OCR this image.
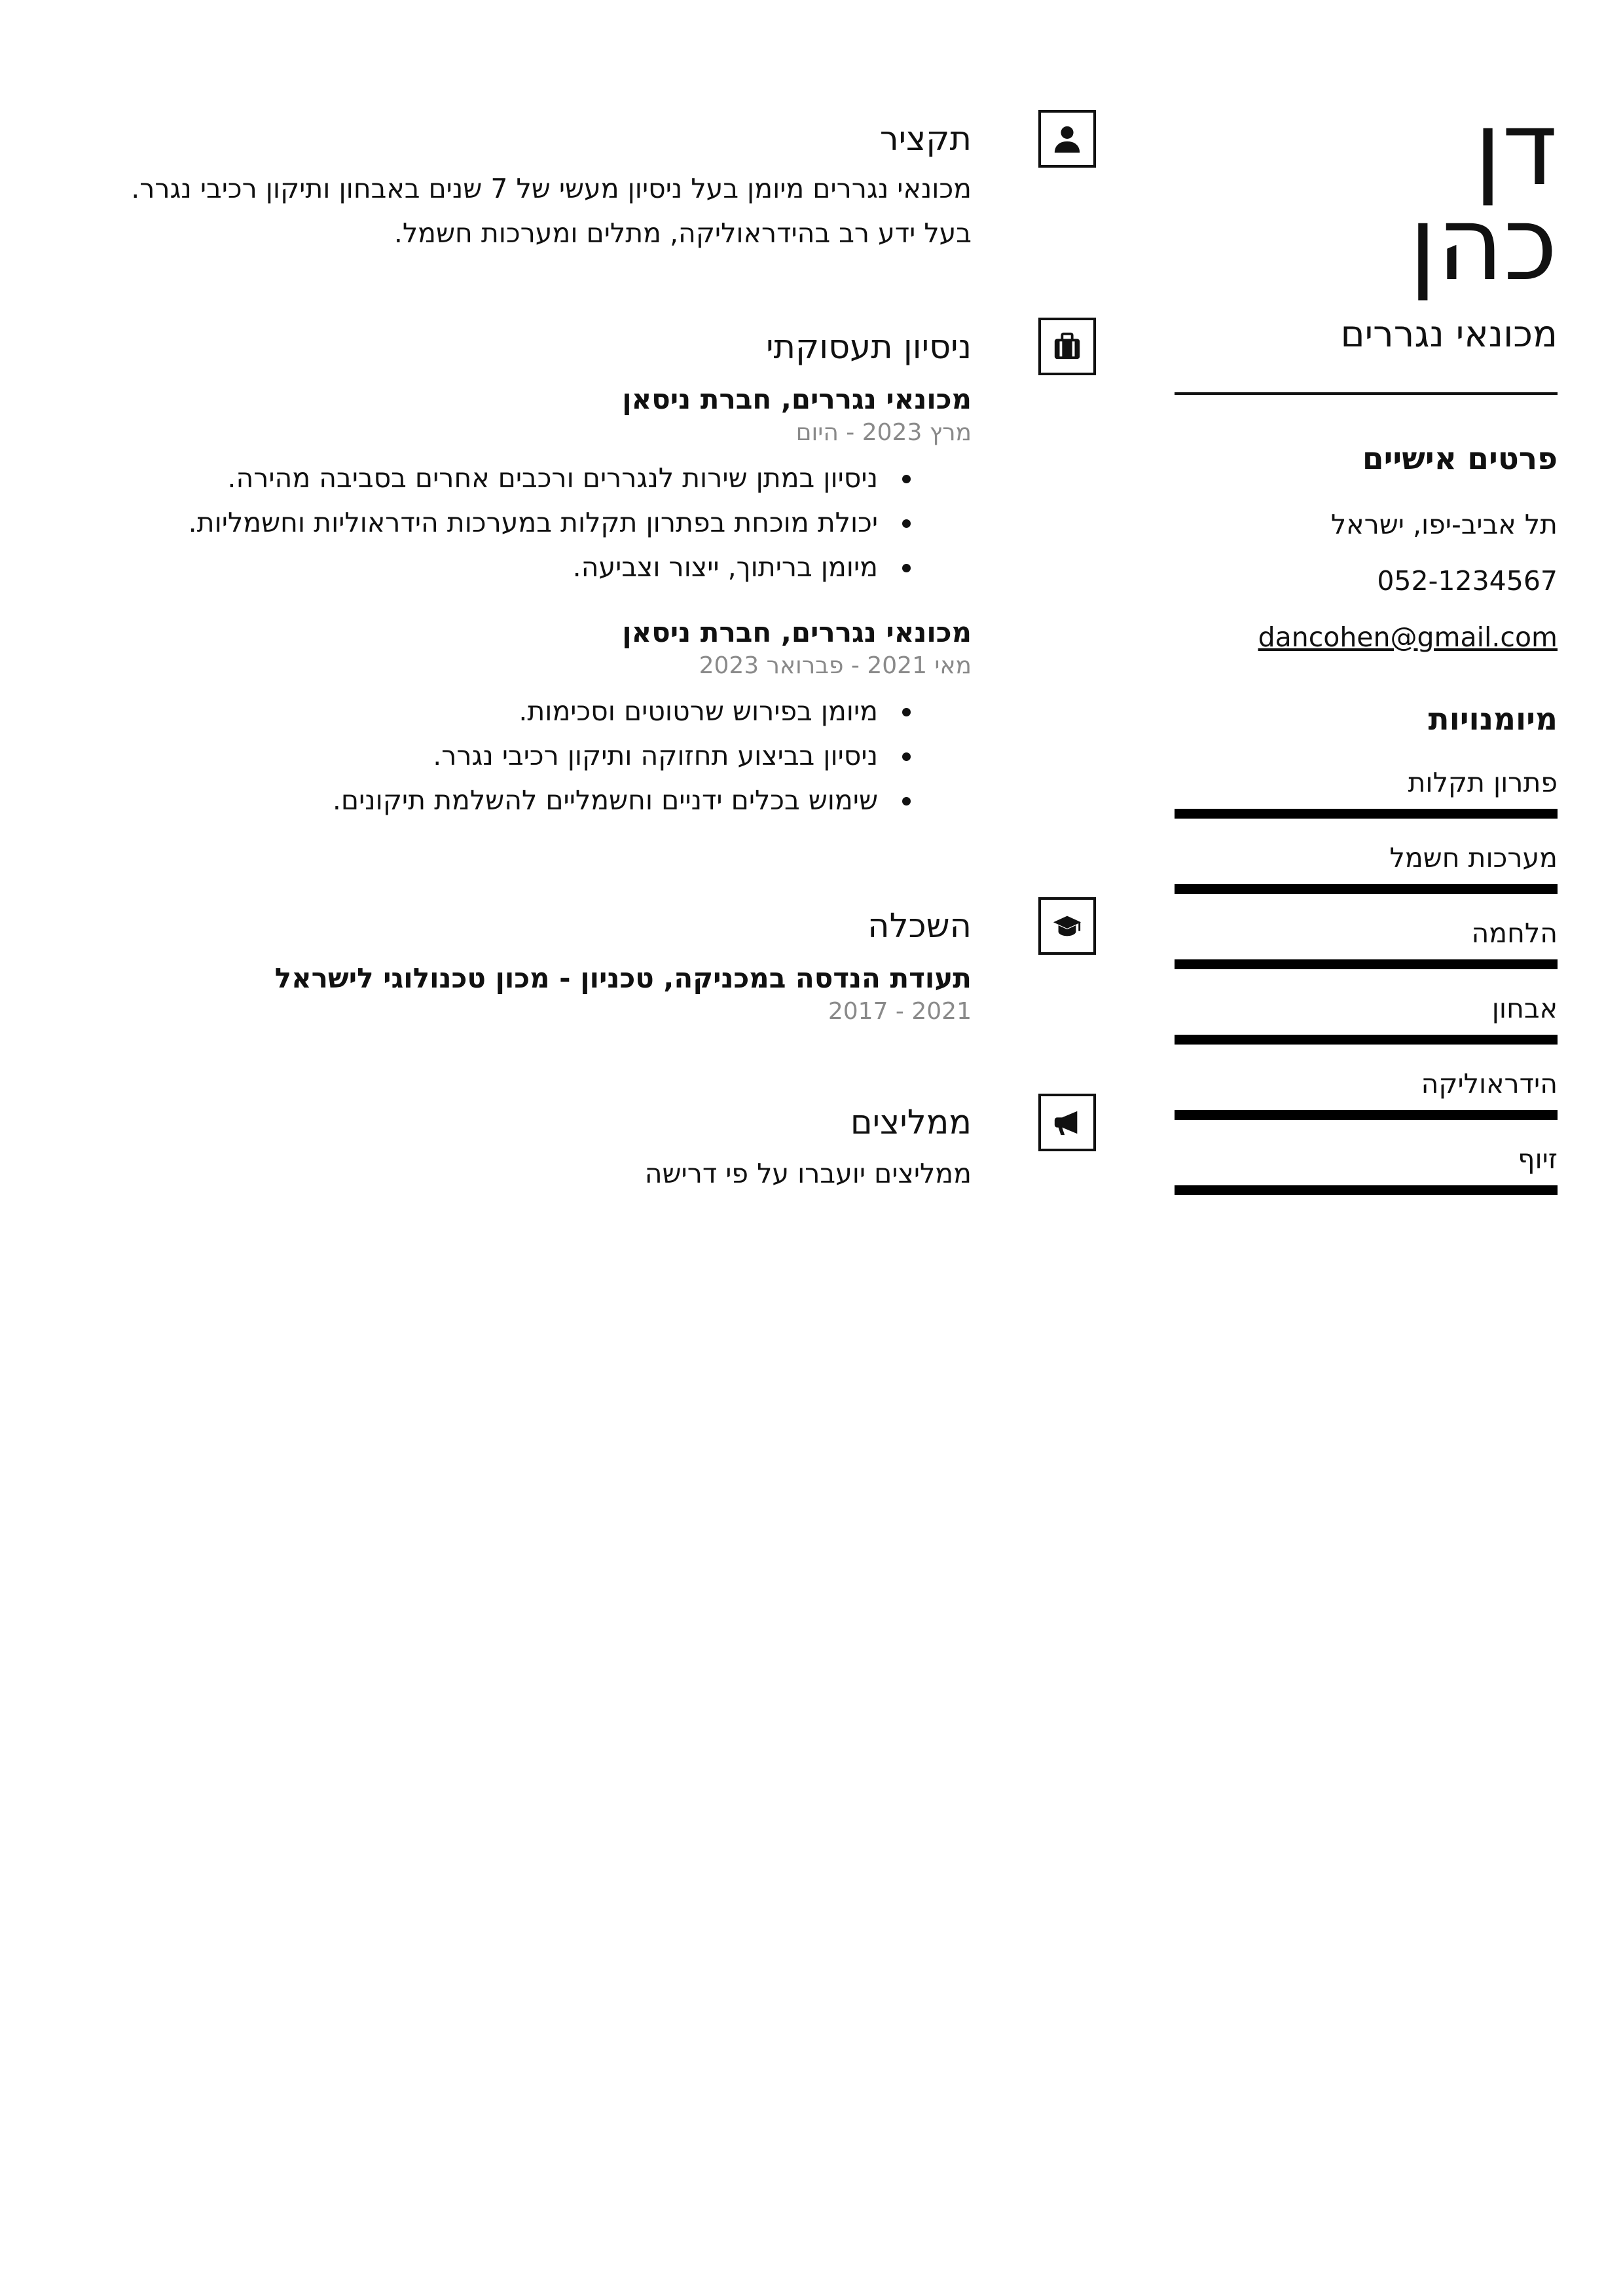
דן
כהן
מכונאי נגררים
פרטים אישיים
תל אביב-יפו, ישראל
052-1234567
dancohen@gmail.com
מיומנויות
פתרון תקלות
מערכות חשמל
הלחמה
אבחון
הידראוליקה
זיוף
תקציר
מכונאי נגררים מיומן בעל ניסיון מעשי של 7 שנים באבחון ותיקון רכיבי נגרר.
בעל ידע רב בהידראוליקה, מתלים ומערכות חשמל.
ניסיון תעסוקתי
מכונאי נגררים, חברת ניסאן
מרץ 2023 - היום
• ניסיון במתן שירות לנגררים ורכבים אחרים בסביבה מהירה.
• יכולת מוכחת בפתרון תקלות במערכות הידראוליות וחשמליות.
• מיומן בריתוך, ייצור וצביעה.
מכונאי נגררים, חברת ניסאן
מאי 2021 - פברואר 2023
• מיומן בפירוש שרטוטים וסכימות.
• ניסיון בביצוע תחזוקה ותיקון רכיבי נגרר.
• שימוש בכלים ידניים וחשמליים להשלמת תיקונים.
השכלה
תעודת הנדסה במכניקה, טכניון - מכון טכנולוגי לישראל
2017 - 2021
ממליצים
ממליצים יועברו על פי דרישה
